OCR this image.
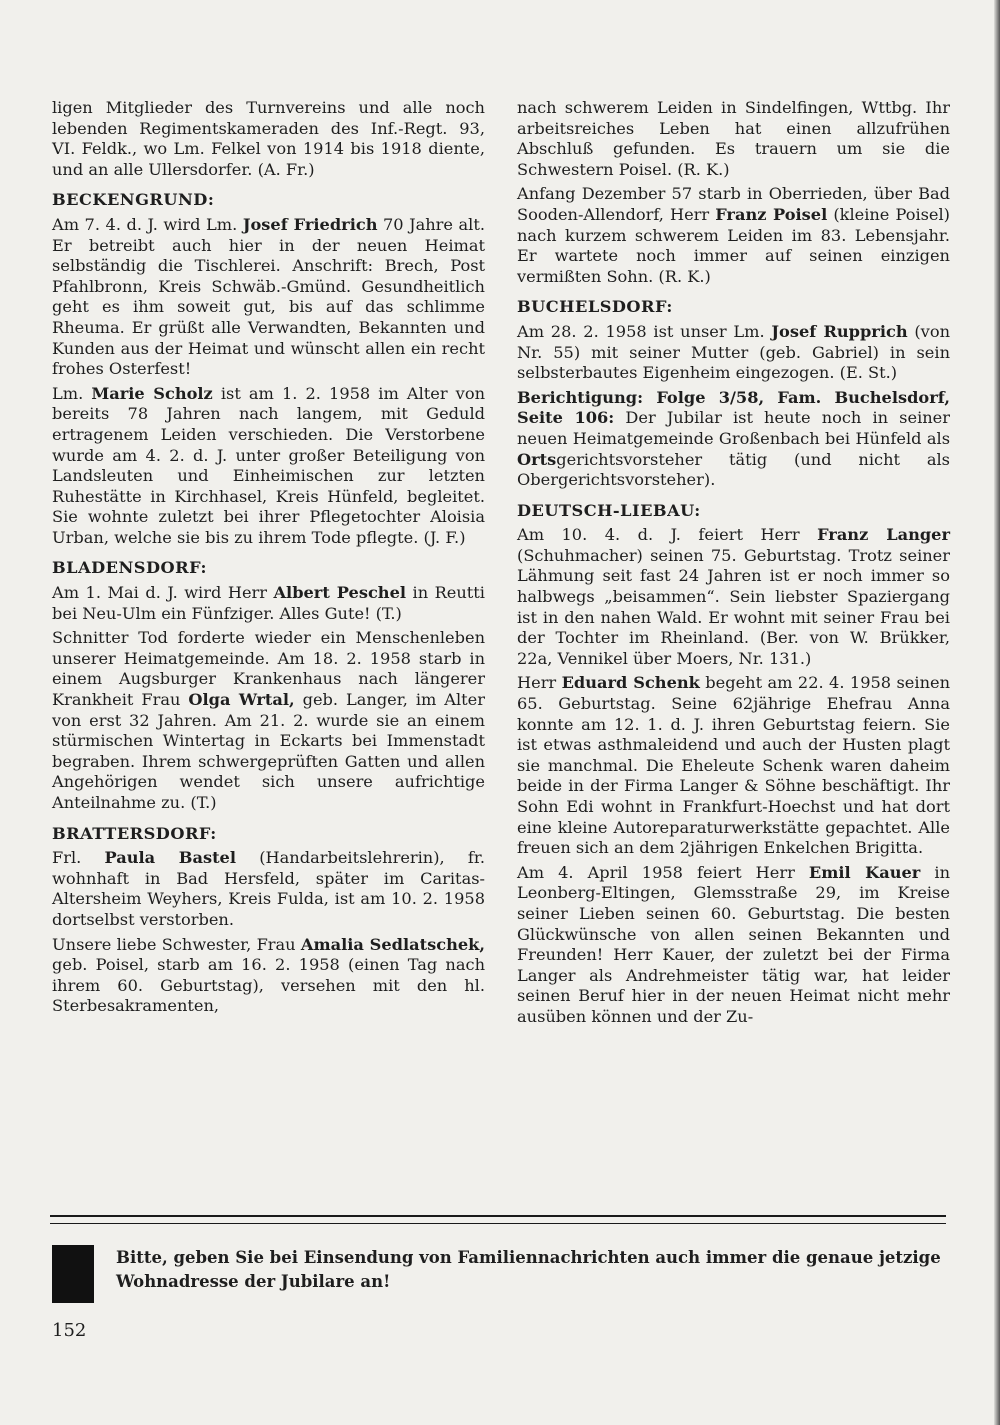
ligen Mitglieder des Turnvereins und alle noch lebenden Regimentskameraden des Inf.-Regt. 93, VI. Feldk., wo Lm. Felkel von 1914 bis 1918 diente, und an alle Ullersdorfer. (A. Fr.)
BECKENGRUND:
Am 7. 4. d. J. wird Lm. Josef Friedrich 70 Jahre alt. Er betreibt auch hier in der neuen Heimat selbständig die Tischlerei. Anschrift: Brech, Post Pfahlbronn, Kreis Schwäb.-Gmünd. Gesundheitlich geht es ihm soweit gut, bis auf das schlimme Rheuma. Er grüßt alle Verwandten, Bekannten und Kunden aus der Heimat und wünscht allen ein recht frohes Osterfest!
Lm. Marie Scholz ist am 1. 2. 1958 im Alter von bereits 78 Jahren nach langem, mit Geduld ertragenem Leiden verschieden. Die Verstorbene wurde am 4. 2. d. J. unter großer Beteiligung von Landsleuten und Einheimischen zur letzten Ruhestätte in Kirchhasel, Kreis Hünfeld, begleitet. Sie wohnte zuletzt bei ihrer Pflegetochter Aloisia Urban, welche sie bis zu ihrem Tode pflegte. (J. F.)
BLADENSDORF:
Am 1. Mai d. J. wird Herr Albert Peschel in Reutti bei Neu-Ulm ein Fünfziger. Alles Gute! (T.)
Schnitter Tod forderte wieder ein Menschenleben unserer Heimatgemeinde. Am 18. 2. 1958 starb in einem Augsburger Krankenhaus nach längerer Krankheit Frau Olga Wrtal, geb. Langer, im Alter von erst 32 Jahren. Am 21. 2. wurde sie an einem stürmischen Wintertag in Eckarts bei Immenstadt begraben. Ihrem schwergeprüften Gatten und allen Angehörigen wendet sich unsere aufrichtige Anteilnahme zu. (T.)
BRATTERSDORF:
Frl. Paula Bastel (Handarbeitslehrerin), fr. wohnhaft in Bad Hersfeld, später im Caritas-Altersheim Weyhers, Kreis Fulda, ist am 10. 2. 1958 dortselbst verstorben.
Unsere liebe Schwester, Frau Amalia Sedlatschek, geb. Poisel, starb am 16. 2. 1958 (einen Tag nach ihrem 60. Geburtstag), versehen mit den hl. Sterbesakramenten,
nach schwerem Leiden in Sindelfingen, Wttbg. Ihr arbeitsreiches Leben hat einen allzufrühen Abschluß gefunden. Es trauern um sie die Schwestern Poisel. (R. K.)
Anfang Dezember 57 starb in Oberrieden, über Bad Sooden-Allendorf, Herr Franz Poisel (kleine Poisel) nach kurzem schwerem Leiden im 83. Lebensjahr. Er wartete noch immer auf seinen einzigen vermißten Sohn. (R. K.)
BUCHELSDORF:
Am 28. 2. 1958 ist unser Lm. Josef Rupprich (von Nr. 55) mit seiner Mutter (geb. Gabriel) in sein selbsterbautes Eigenheim eingezogen. (E. St.)
Berichtigung: Folge 3/58, Fam. Buchelsdorf, Seite 106: Der Jubilar ist heute noch in seiner neuen Heimatgemeinde Großenbach bei Hünfeld als Ortsgerichtsvorsteher tätig (und nicht als Obergerichtsvorsteher).
DEUTSCH-LIEBAU:
Am 10. 4. d. J. feiert Herr Franz Langer (Schuhmacher) seinen 75. Geburtstag. Trotz seiner Lähmung seit fast 24 Jahren ist er noch immer so halbwegs „beisammen“. Sein liebster Spaziergang ist in den nahen Wald. Er wohnt mit seiner Frau bei der Tochter im Rheinland. (Ber. von W. Brükker, 22a, Vennikel über Moers, Nr. 131.)
Herr Eduard Schenk begeht am 22. 4. 1958 seinen 65. Geburtstag. Seine 62jährige Ehefrau Anna konnte am 12. 1. d. J. ihren Geburtstag feiern. Sie ist etwas asthmaleidend und auch der Husten plagt sie manchmal. Die Eheleute Schenk waren daheim beide in der Firma Langer & Söhne beschäftigt. Ihr Sohn Edi wohnt in Frankfurt-Hoechst und hat dort eine kleine Autoreparaturwerkstätte gepachtet. Alle freuen sich an dem 2jährigen Enkelchen Brigitta.
Am 4. April 1958 feiert Herr Emil Kauer in Leonberg-Eltingen, Glemsstraße 29, im Kreise seiner Lieben seinen 60. Geburtstag. Die besten Glückwünsche von allen seinen Bekannten und Freunden! Herr Kauer, der zuletzt bei der Firma Langer als Andrehmeister tätig war, hat leider seinen Beruf hier in der neuen Heimat nicht mehr ausüben können und der Zu-
Bitte, geben Sie bei Einsendung von Familiennachrichten auch immer die genaue jetzige Wohnadresse der Jubilare an!
152
